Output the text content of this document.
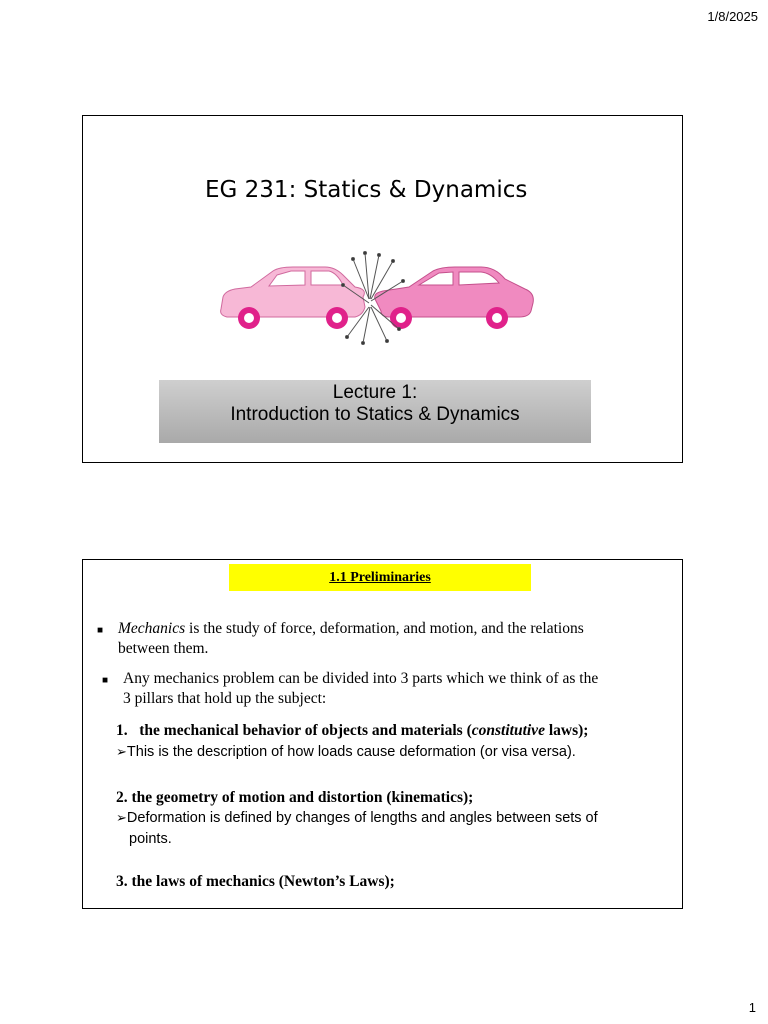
1/8/2025
EG 231: Statics & Dynamics
Lecture 1:
Introduction to Statics & Dynamics
1.1 Preliminaries
■ Mechanics is the study of force, deformation, and motion, and the relations
between them.
■ Any mechanics problem can be divided into 3 parts which we think of as the
3 pillars that hold up the subject:
1. the mechanical behavior of objects and materials (constitutive laws);
➢This is the description of how loads cause deformation (or visa versa).
2. the geometry of motion and distortion (kinematics);
➢Deformation is defined by changes of lengths and angles between sets of
points.
3. the laws of mechanics (Newton’s Laws);
1
